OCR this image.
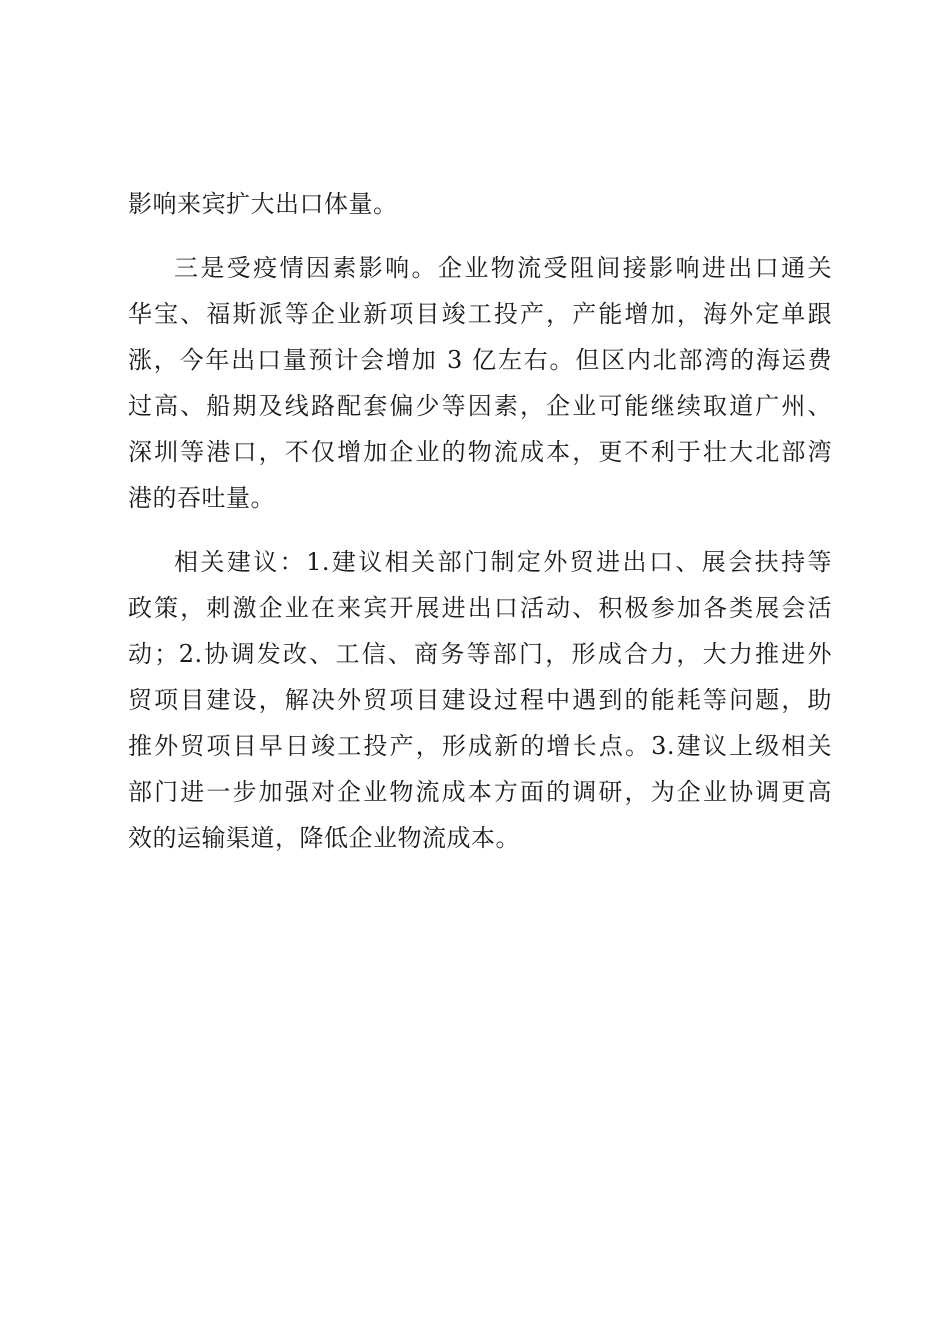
影响来宾扩大出口体量。
三是受疫情因素影响。企业物流受阻间接影响进出口通关
华宝、福斯派等企业新项目竣工投产，产能增加，海外定单跟
涨，今年出口量预计会增加 3 亿左右。但区内北部湾的海运费
过高、船期及线路配套偏少等因素，企业可能继续取道广州、
深圳等港口，不仅增加企业的物流成本，更不利于壮大北部湾
港的吞吐量。
相关建议：1.建议相关部门制定外贸进出口、展会扶持等
政策，刺激企业在来宾开展进出口活动、积极参加各类展会活
动；2.协调发改、工信、商务等部门，形成合力，大力推进外
贸项目建设，解决外贸项目建设过程中遇到的能耗等问题，助
推外贸项目早日竣工投产，形成新的增长点。3.建议上级相关
部门进一步加强对企业物流成本方面的调研，为企业协调更高
效的运输渠道，降低企业物流成本。
